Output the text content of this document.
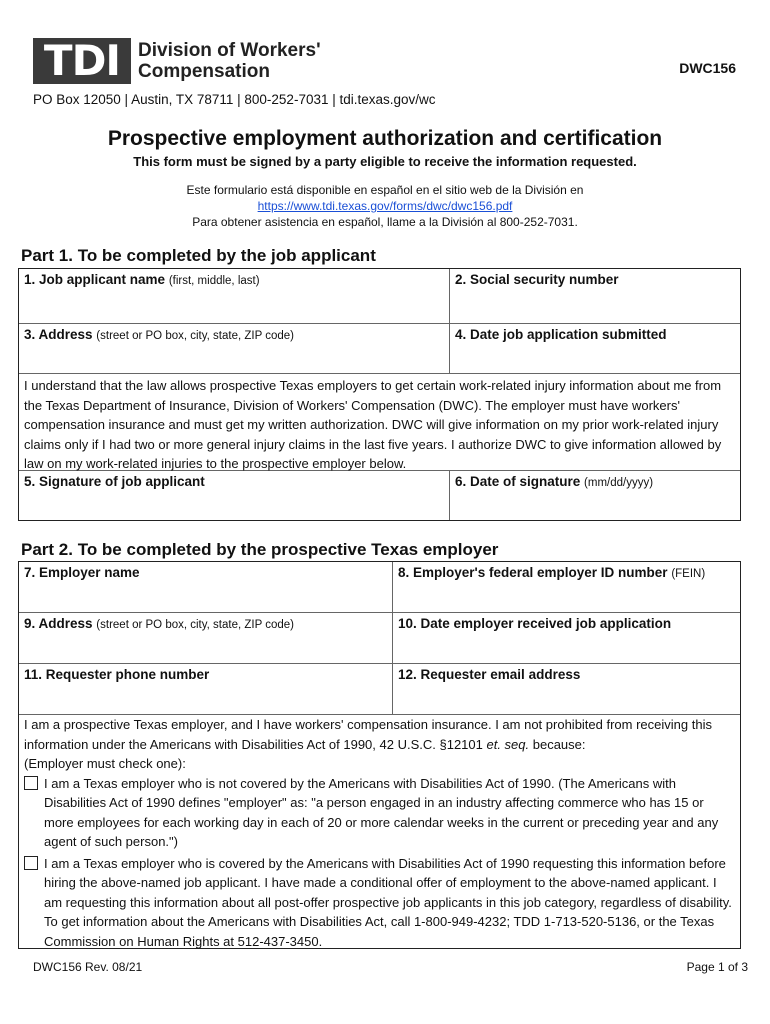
TDI Division of Workers'
Compensation	DWC156
PO Box 12050 | Austin, TX 78711 | 800-252-7031 | tdi.texas.gov/wc
Prospective employment authorization and certification
This form must be signed by a party eligible to receive the information requested.
Este formulario está disponible en español en el sitio web de la División en
https://www.tdi.texas.gov/forms/dwc/dwc156.pdf
Para obtener asistencia en español, llame a la División al 800-252-7031.
Part 1. To be completed by the job applicant
1. Job applicant name (first, middle, last)	2. Social security number
3. Address (street or PO box, city, state, ZIP code)	4. Date job application submitted
I understand that the law allows prospective Texas employers to get certain work-related injury information about me from the Texas Department of Insurance, Division of Workers' Compensation (DWC). The employer must have workers' compensation insurance and must get my written authorization. DWC will give information on my prior work-related injury claims only if I had two or more general injury claims in the last five years. I authorize DWC to give information allowed by law on my work-related injuries to the prospective employer below.
5. Signature of job applicant	6. Date of signature (mm/dd/yyyy)
Part 2. To be completed by the prospective Texas employer
7. Employer name	8. Employer's federal employer ID number (FEIN)
9. Address (street or PO box, city, state, ZIP code)	10. Date employer received job application
11. Requester phone number	12. Requester email address
I am a prospective Texas employer, and I have workers' compensation insurance. I am not prohibited from receiving this information under the Americans with Disabilities Act of 1990, 42 U.S.C. §12101 et. seq. because:
(Employer must check one):
I am a Texas employer who is not covered by the Americans with Disabilities Act of 1990. (The Americans with Disabilities Act of 1990 defines "employer" as: "a person engaged in an industry affecting commerce who has 15 or more employees for each working day in each of 20 or more calendar weeks in the current or preceding year and any agent of such person.")
I am a Texas employer who is covered by the Americans with Disabilities Act of 1990 requesting this information before hiring the above-named job applicant. I have made a conditional offer of employment to the above-named applicant. I am requesting this information about all post-offer prospective job applicants in this job category, regardless of disability. To get information about the Americans with Disabilities Act, call 1-800-949-4232; TDD 1-713-520-5136, or the Texas Commission on Human Rights at 512-437-3450.
DWC156 Rev. 08/21	Page 1 of 3
